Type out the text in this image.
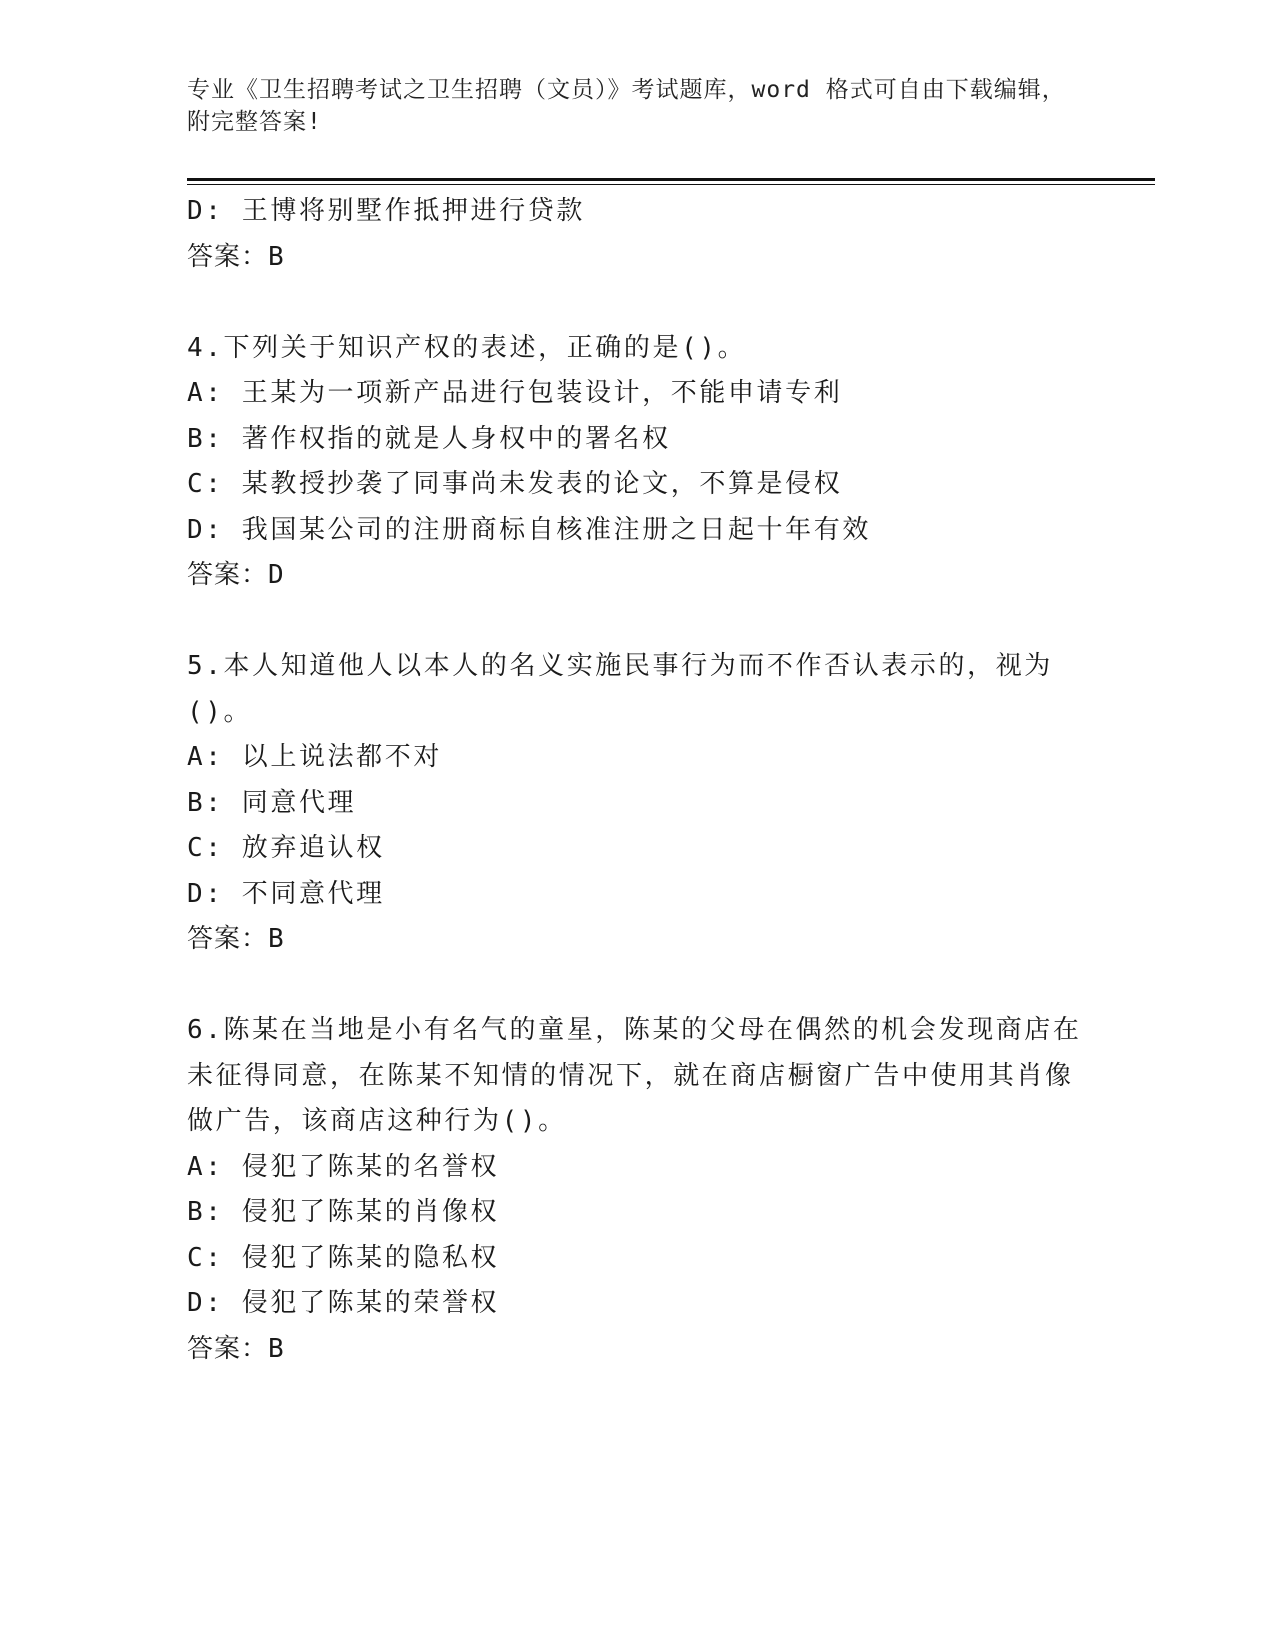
专业《卫生招聘考试之卫生招聘（文员）》考试题库，word 格式可自由下载编辑，附完整答案!
D: 王博将别墅作抵押进行贷款
答案：B
4.下列关于知识产权的表述，正确的是()。
A: 王某为一项新产品进行包装设计，不能申请专利
B: 著作权指的就是人身权中的署名权
C: 某教授抄袭了同事尚未发表的论文，不算是侵权
D: 我国某公司的注册商标自核准注册之日起十年有效
答案：D
5.本人知道他人以本人的名义实施民事行为而不作否认表示的，视为()。
A: 以上说法都不对
B: 同意代理
C: 放弃追认权
D: 不同意代理
答案：B
6.陈某在当地是小有名气的童星，陈某的父母在偶然的机会发现商店在未征得同意，在陈某不知情的情况下，就在商店橱窗广告中使用其肖像做广告，该商店这种行为()。
A: 侵犯了陈某的名誉权
B: 侵犯了陈某的肖像权
C: 侵犯了陈某的隐私权
D: 侵犯了陈某的荣誉权
答案：B
